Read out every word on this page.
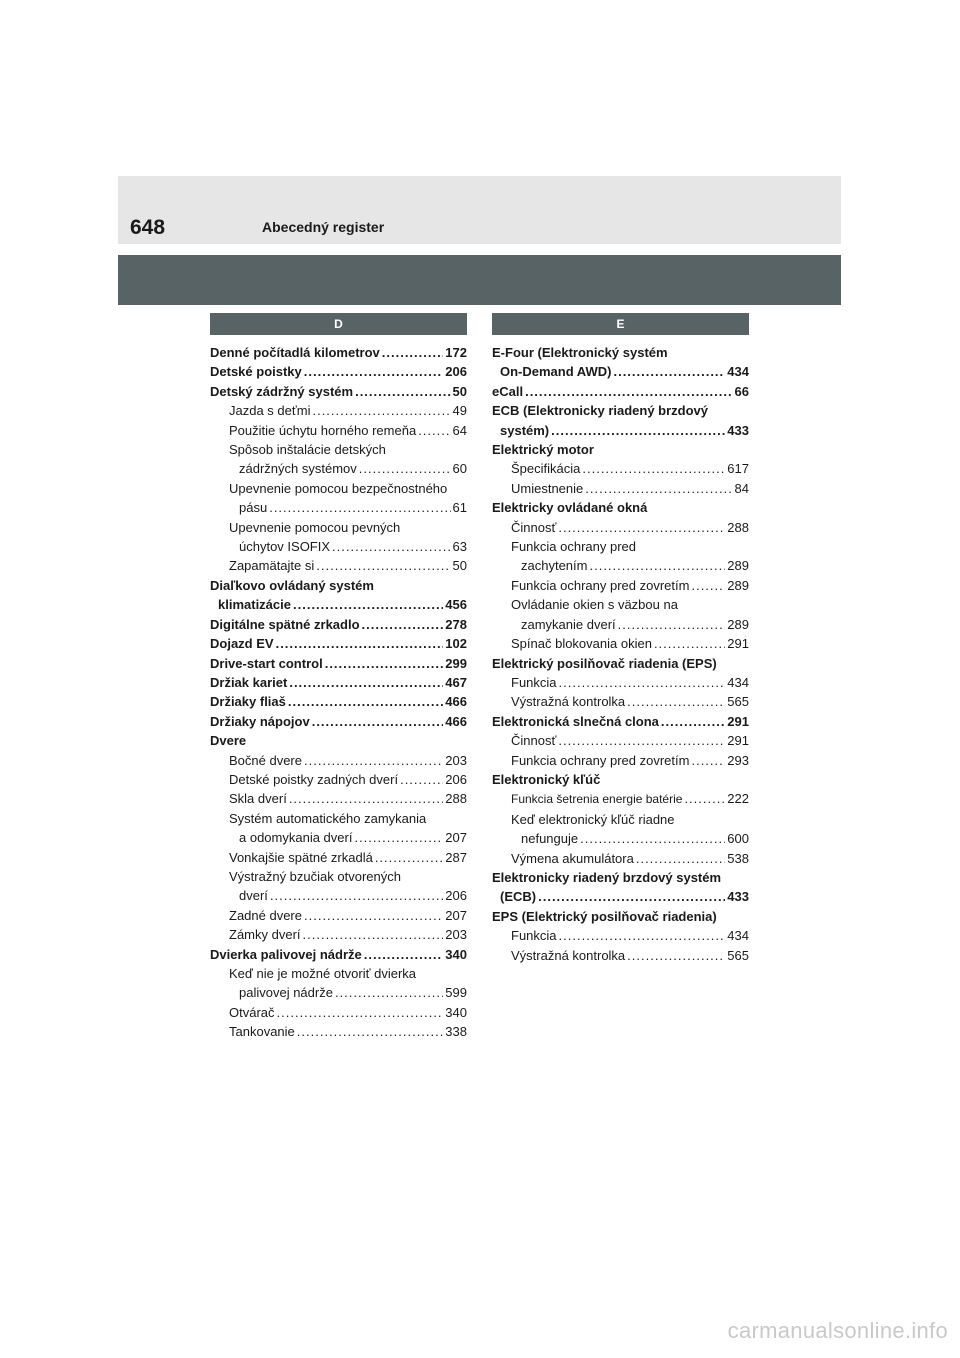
648	Abecedný register
D
Denné počítadlá kilometrov .....	172
Detské poistky .....	206
Detský zádržný systém .....	50
Jazda s deťmi .....	49
Použitie úchytu horného remeňa .....	64
Spôsob inštalácie detských
zádržných systémov .....	60
Upevnenie pomocou bezpečnostného
pásu .....	61
Upevnenie pomocou pevných
úchytov ISOFIX .....	63
Zapamätajte si .....	50
Diaľkovo ovládaný systém
klimatizácie .....	456
Digitálne spätné zrkadlo .....	278
Dojazd EV .....	102
Drive-start control .....	299
Držiak kariet .....	467
Držiaky fliaš .....	466
Držiaky nápojov .....	466
Dvere
Bočné dvere .....	203
Detské poistky zadných dverí .....	206
Skla dverí .....	288
Systém automatického zamykania
a odomykania dverí .....	207
Vonkajšie spätné zrkadlá .....	287
Výstražný bzučiak otvorených
dverí .....	206
Zadné dvere .....	207
Zámky dverí .....	203
Dvierka palivovej nádrže .....	340
Keď nie je možné otvoriť dvierka
palivovej nádrže .....	599
Otvárač .....	340
Tankovanie .....	338
E
E-Four (Elektronický systém
On-Demand AWD) .....	434
eCall .....	66
ECB (Elektronicky riadený brzdový
systém) .....	433
Elektrický motor
Špecifikácia .....	617
Umiestnenie .....	84
Elektricky ovládané okná
Činnosť .....	288
Funkcia ochrany pred
zachytením .....	289
Funkcia ochrany pred zovretím .....	289
Ovládanie okien s väzbou na
zamykanie dverí .....	289
Spínač blokovania okien .....	291
Elektrický posilňovač riadenia (EPS)
Funkcia .....	434
Výstražná kontrolka .....	565
Elektronická slnečná clona .....	291
Činnosť .....	291
Funkcia ochrany pred zovretím .....	293
Elektronický kľúč
Funkcia šetrenia energie batérie .....	222
Keď elektronický kľúč riadne
nefunguje .....	600
Výmena akumulátora .....	538
Elektronicky riadený brzdový systém
(ECB) .....	433
EPS (Elektrický posilňovač riadenia)
Funkcia .....	434
Výstražná kontrolka .....	565
carmanualsonline.info
